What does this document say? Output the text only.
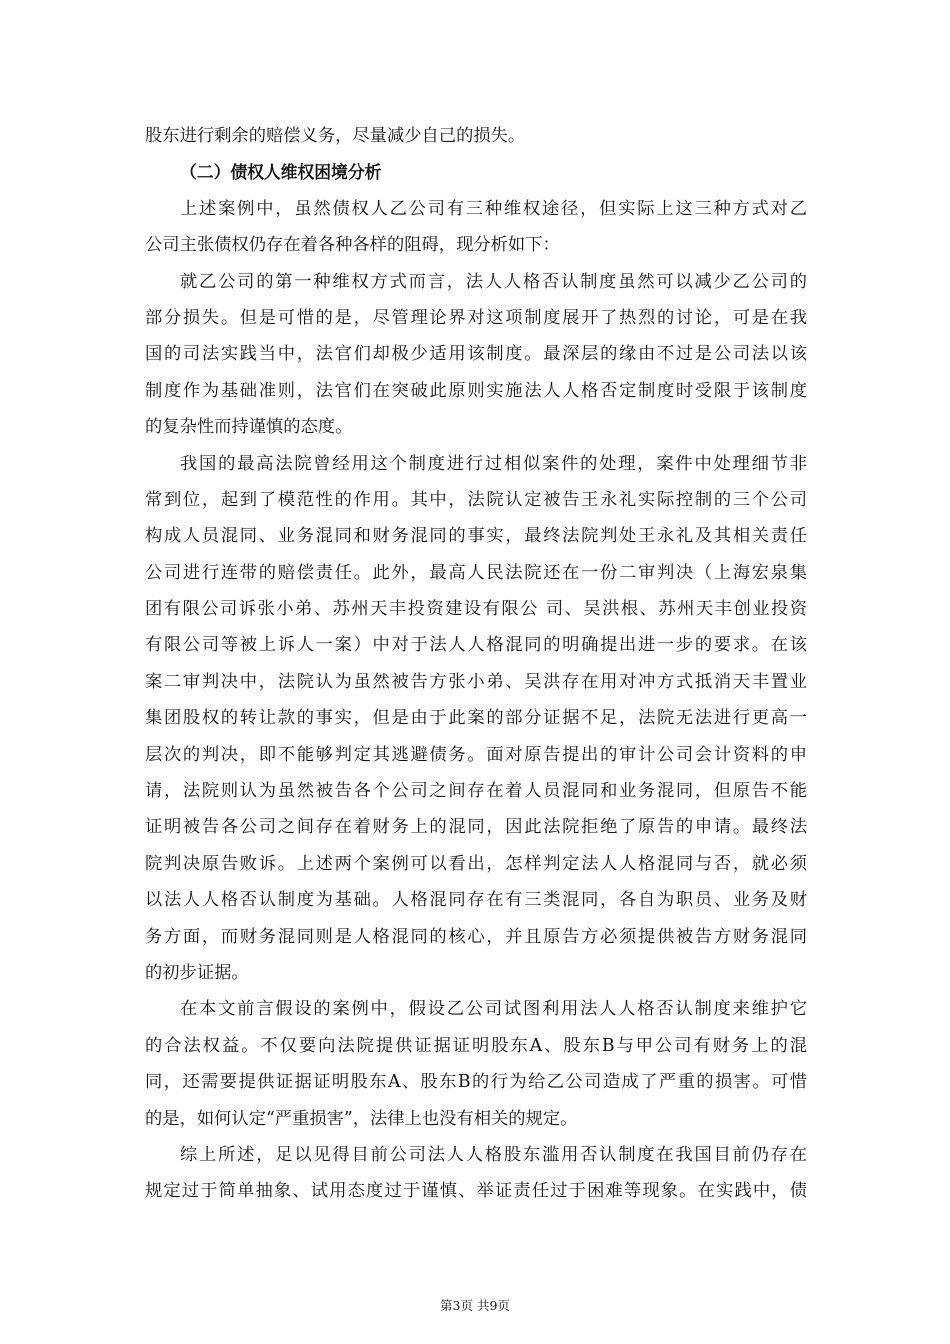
股东进行剩余的赔偿义务，尽量减少自己的损失。
（二）债权人维权困境分析
上述案例中，虽然债权人乙公司有三种维权途径，但实际上这三种方式对乙
公司主张债权仍存在着各种各样的阻碍，现分析如下：
就乙公司的第一种维权方式而言，法人人格否认制度虽然可以减少乙公司的
部分损失。但是可惜的是，尽管理论界对这项制度展开了热烈的讨论，可是在我
国的司法实践当中，法官们却极少适用该制度。最深层的缘由不过是公司法以该
制度作为基础准则，法官们在突破此原则实施法人人格否定制度时受限于该制度
的复杂性而持谨慎的态度。
我国的最高法院曾经用这个制度进行过相似案件的处理，案件中处理细节非
常到位，起到了模范性的作用。其中，法院认定被告王永礼实际控制的三个公司
构成人员混同、业务混同和财务混同的事实，最终法院判处王永礼及其相关责任
公司进行连带的赔偿责任。此外，最高人民法院还在一份二审判决（上海宏泉集
团有限公司诉张小弟、苏州天丰投资建设有限公 司、吴洪根、苏州天丰创业投资
有限公司等被上诉人一案）中对于法人人格混同的明确提出进一步的要求。在该
案二审判决中，法院认为虽然被告方张小弟、吴洪存在用对冲方式抵消天丰置业
集团股权的转让款的事实，但是由于此案的部分证据不足，法院无法进行更高一
层次的判决，即不能够判定其逃避债务。面对原告提出的审计公司会计资料的申
请，法院则认为虽然被告各个公司之间存在着人员混同和业务混同，但原告不能
证明被告各公司之间存在着财务上的混同，因此法院拒绝了原告的申请。最终法
院判决原告败诉。上述两个案例可以看出，怎样判定法人人格混同与否，就必须
以法人人格否认制度为基础。人格混同存在有三类混同，各自为职员、业务及财
务方面，而财务混同则是人格混同的核心，并且原告方必须提供被告方财务混同
的初步证据。
在本文前言假设的案例中，假设乙公司试图利用法人人格否认制度来维护它
的合法权益。不仅要向法院提供证据证明股东A、股东B与甲公司有财务上的混
同，还需要提供证据证明股东A、股东B的行为给乙公司造成了严重的损害。可惜
的是，如何认定“严重损害”，法律上也没有相关的规定。
综上所述，足以见得目前公司法人人格股东滥用否认制度在我国目前仍存在
规定过于简单抽象、试用态度过于谨慎、举证责任过于困难等现象。在实践中，债
第3页 共9页
